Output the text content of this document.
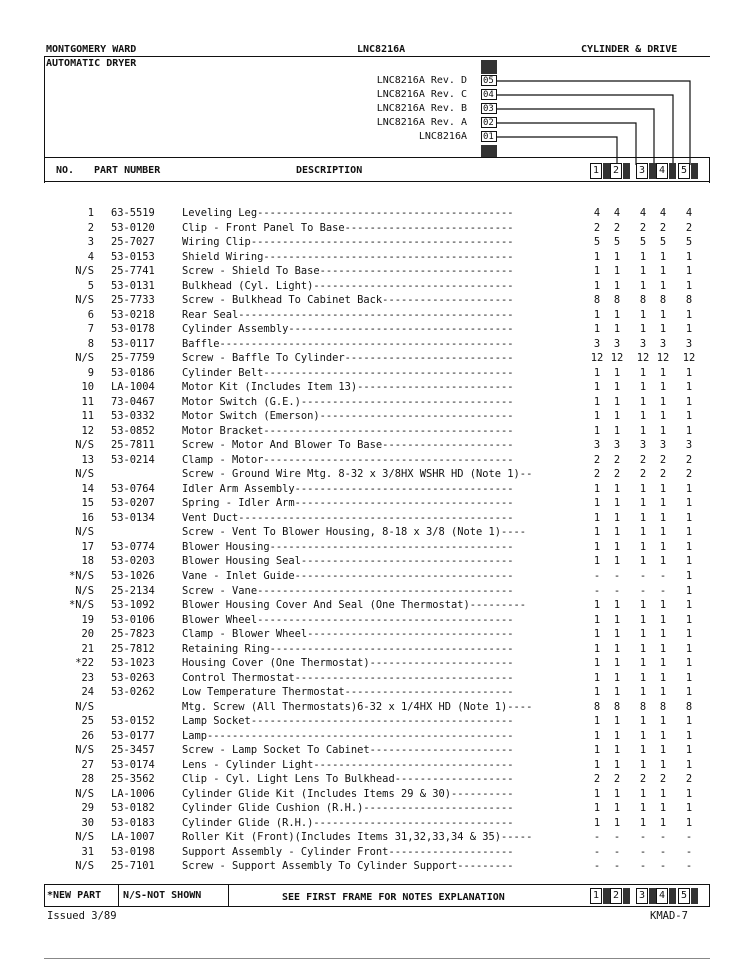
MONTGOMERY WARD	LNC8216A	CYLINDER & DRIVE
AUTOMATIC DRYER
LNC8216A Rev. D
LNC8216A Rev. C
LNC8216A Rev. B
LNC8216A Rev. A
LNC8216A
05
04
03
02
01
NO. PART NUMBER	DESCRIPTION	1 2 3 4 5
1 63-5519	Leveling Leg-----------------------------------------	4	4	4	4	4
2 53-0120	Clip - Front Panel To Base---------------------------	2	2	2	2	2
3 25-7027	Wiring Clip------------------------------------------	5	5	5	5	5
4 53-0153	Shield Wiring----------------------------------------	1	1	1	1	1
N/S 25-7741	Screw - Shield To Base-------------------------------	1	1	1	1	1
5 53-0131	Bulkhead (Cyl. Light)--------------------------------	1	1	1	1	1
N/S 25-7733	Screw - Bulkhead To Cabinet Back---------------------	8	8	8	8	8
6 53-0218	Rear Seal--------------------------------------------	1	1	1	1	1
7 53-0178	Cylinder Assembly------------------------------------	1	1	1	1	1
8 53-0117	Baffle-----------------------------------------------	3	3	3	3	3
N/S 25-7759	Screw - Baffle To Cylinder---------------------------	12 12 12 12 12
9 53-0186	Cylinder Belt----------------------------------------	1	1	1	1	1
10 LA-1004	Motor Kit (Includes Item 13)-------------------------	1	1	1	1	1
11 73-0467	Motor Switch (G.E.)----------------------------------	1	1	1	1	1
11 53-0332	Motor Switch (Emerson)-------------------------------	1	1	1	1	1
12 53-0852	Motor Bracket----------------------------------------	1	1	1	1	1
N/S 25-7811	Screw - Motor And Blower To Base---------------------	3	3	3	3	3
13 53-0214	Clamp - Motor----------------------------------------	2	2	2	2	2
N/S	Screw - Ground Wire Mtg. 8-32 x 3/8HX WSHR HD (Note 1)--	2	2	2	2	2
14 53-0764	Idler Arm Assembly-----------------------------------	1	1	1	1	1
15 53-0207	Spring - Idler Arm-----------------------------------	1	1	1	1	1
16 53-0134	Vent Duct--------------------------------------------	1	1	1	1	1
N/S	Screw - Vent To Blower Housing, 8-18 x 3/8 (Note 1)----	1	1	1	1	1
17 53-0774	Blower Housing---------------------------------------	1	1	1	1	1
18 53-0203	Blower Housing Seal----------------------------------	1	1	1	1	1
*N/S 53-1026	Vane - Inlet Guide-----------------------------------	-	-	-	-	1
N/S 25-2134	Screw - Vane-----------------------------------------	-	-	-	-	1
*N/S 53-1092	Blower Housing Cover And Seal (One Thermostat)---------	1	1	1	1	1
19 53-0106	Blower Wheel-----------------------------------------	1	1	1	1	1
20 25-7823	Clamp - Blower Wheel---------------------------------	1	1	1	1	1
21 25-7812	Retaining Ring---------------------------------------	1	1	1	1	1
*22 53-1023	Housing Cover (One Thermostat)-----------------------	1	1	1	1	1
23 53-0263	Control Thermostat-----------------------------------	1	1	1	1	1
24 53-0262	Low Temperature Thermostat---------------------------	1	1	1	1	1
N/S	Mtg. Screw (All Thermostats)6-32 x 1/4HX HD (Note 1)----	8	8	8	8	8
25 53-0152	Lamp Socket------------------------------------------	1	1	1	1	1
26 53-0177	Lamp-------------------------------------------------	1	1	1	1	1
N/S 25-3457	Screw - Lamp Socket To Cabinet-----------------------	1	1	1	1	1
27 53-0174	Lens - Cylinder Light--------------------------------	1	1	1	1	1
28 25-3562	Clip - Cyl. Light Lens To Bulkhead-------------------	2	2	2	2	2
N/S LA-1006	Cylinder Glide Kit (Includes Items 29 & 30)----------	1	1	1	1	1
29 53-0182	Cylinder Glide Cushion (R.H.)------------------------	1	1	1	1	1
30 53-0183	Cylinder Glide (R.H.)--------------------------------	1	1	1	1	1
N/S LA-1007	Roller Kit (Front)(Includes Items 31,32,33,34 & 35)-----	-	-	-	-	-
31 53-0198	Support Assembly - Cylinder Front--------------------	-	-	-	-	-
N/S 25-7101	Screw - Support Assembly To Cylinder Support---------	-	-	-	-	-
*NEW PART N/S-NOT SHOWN	SEE FIRST FRAME FOR NOTES EXPLANATION	1 2 3 4 5
Issued 3/89	KMAD-7
